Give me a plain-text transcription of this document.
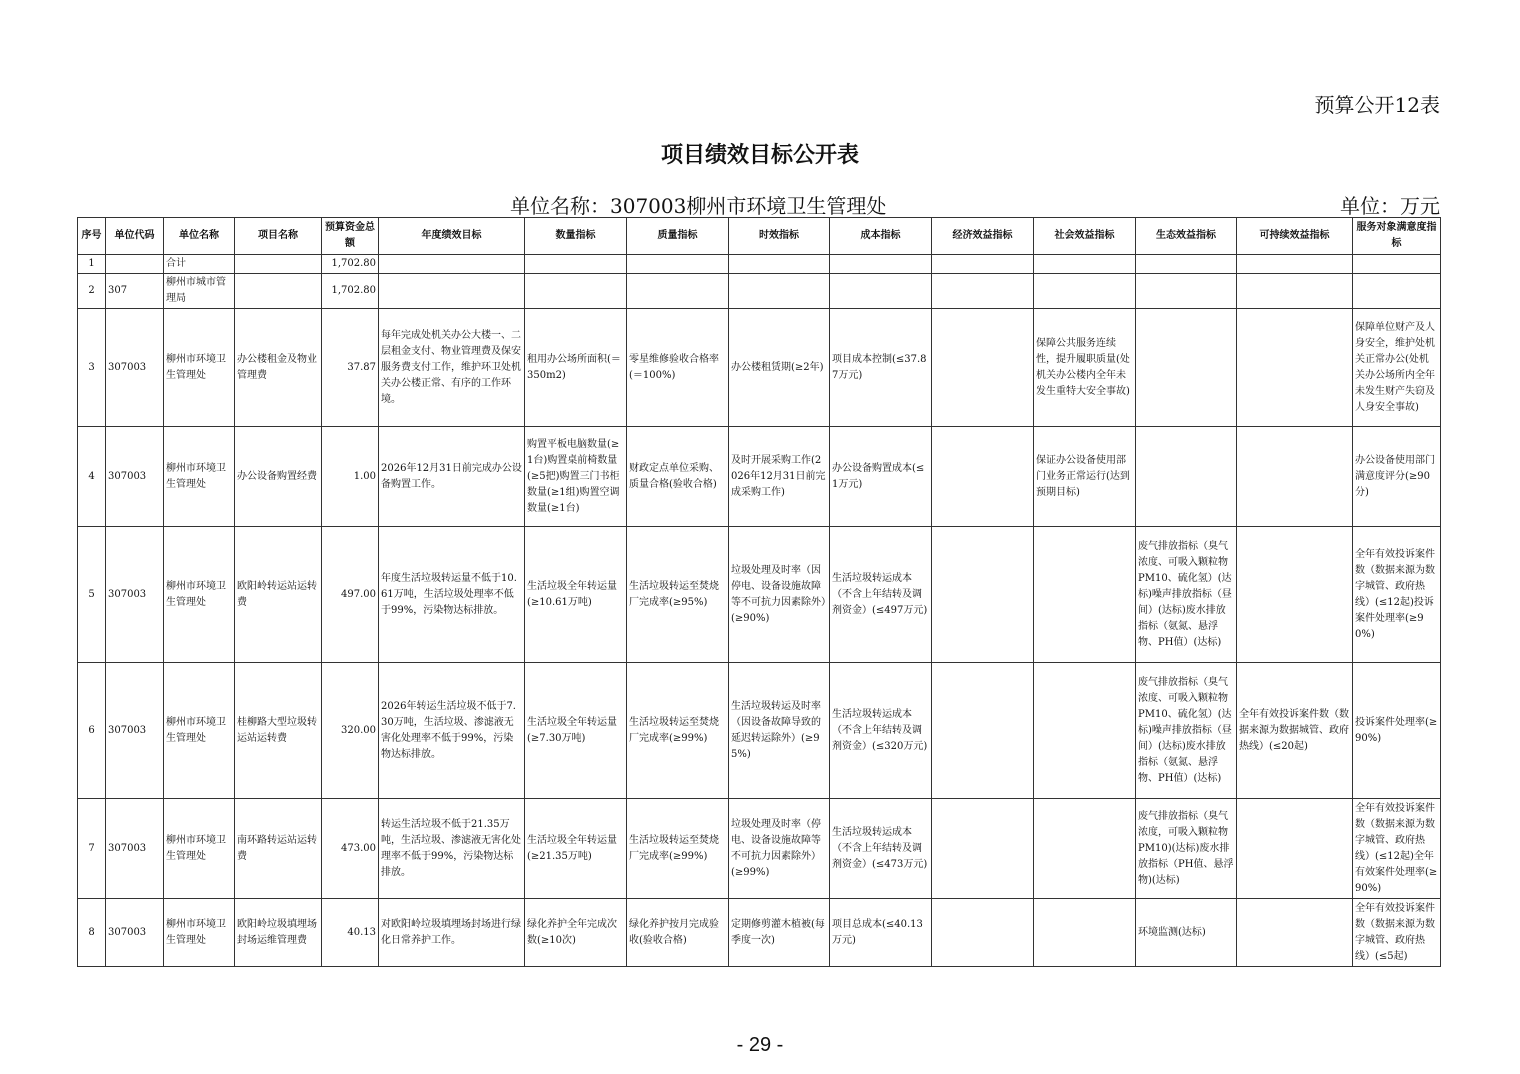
预算公开12表
项目绩效目标公开表
单位名称：307003柳州市环境卫生管理处	单位：万元
序号	单位代码	单位名称	项目名称	预算资金总额	年度绩效目标	数量指标	质量指标	时效指标	成本指标	经济效益指标	社会效益指标	生态效益指标	可持续效益指标	服务对象满意度指标
1		合计		1,702.80										
2	307	柳州市城市管理局		1,702.80										
3	307003	柳州市环境卫生管理处	办公楼租金及物业管理费	37.87	每年完成处机关办公大楼一、二层租金支付、物业管理费及保安服务费支付工作，维护环卫处机关办公楼正常、有序的工作环境。	租用办公场所面积(＝350m2)	零星维修验收合格率(＝100%)	办公楼租赁期(≥2年)	项目成本控制(≤37.87万元)		保障公共服务连续性，提升履职质量(处机关办公楼内全年未发生重特大安全事故)			保障单位财产及人身安全，维护处机关正常办公(处机关办公场所内全年未发生财产失窃及人身安全事故)
4	307003	柳州市环境卫生管理处	办公设备购置经费	1.00	2026年12月31日前完成办公设备购置工作。	购置平板电脑数量(≥1台)购置桌前椅数量(≥5把)购置三门书柜数量(≥1组)购置空调数量(≥1台)	财政定点单位采购、质量合格(验收合格)	及时开展采购工作(2026年12月31日前完成采购工作)	办公设备购置成本(≤1万元)		保证办公设备使用部门业务正常运行(达到预期目标)			办公设备使用部门满意度评分(≥90分)
5	307003	柳州市环境卫生管理处	欧阳岭转运站运转费	497.00	年度生活垃圾转运量不低于10.61万吨，生活垃圾处理率不低于99%，污染物达标排放。	生活垃圾全年转运量(≥10.61万吨)	生活垃圾转运至焚烧厂完成率(≥95%)	垃圾处理及时率（因停电、设备设施故障等不可抗力因素除外）(≥90%)	生活垃圾转运成本（不含上年结转及调剂资金）(≤497万元)			废气排放指标（臭气浓度、可吸入颗粒物PM10、硫化氢）(达标)噪声排放指标（昼间）(达标)废水排放指标（氨氮、悬浮物、PH值）(达标)		全年有效投诉案件数（数据来源为数字城管、政府热线）(≤12起)投诉案件处理率(≥90%)
6	307003	柳州市环境卫生管理处	桂柳路大型垃圾转运站运转费	320.00	2026年转运生活垃圾不低于7.30万吨，生活垃圾、渗滤液无害化处理率不低于99%，污染物达标排放。	生活垃圾全年转运量(≥7.30万吨)	生活垃圾转运至焚烧厂完成率(≥99%)	生活垃圾转运及时率（因设备故障导致的延迟转运除外）(≥95%)	生活垃圾转运成本（不含上年结转及调剂资金）(≤320万元)			废气排放指标（臭气浓度、可吸入颗粒物PM10、硫化氢）(达标)噪声排放指标（昼间）(达标)废水排放指标（氨氮、悬浮物、PH值）(达标)	全年有效投诉案件数（数据来源为数据城管、政府热线）(≤20起)	投诉案件处理率(≥90%)
7	307003	柳州市环境卫生管理处	南环路转运站运转费	473.00	转运生活垃圾不低于21.35万吨，生活垃圾、渗滤液无害化处理率不低于99%，污染物达标排放。	生活垃圾全年转运量(≥21.35万吨)	生活垃圾转运至焚烧厂完成率(≥99%)	垃圾处理及时率（停电、设备设施故障等不可抗力因素除外）(≥99%)	生活垃圾转运成本（不含上年结转及调剂资金）(≤473万元)			废气排放指标（臭气浓度，可吸入颗粒物PM10)(达标)废水排放指标（PH值、悬浮物)(达标)		全年有效投诉案件数（数据来源为数字城管、政府热线）(≤12起)全年有效案件处理率(≥90%)
8	307003	柳州市环境卫生管理处	欧阳岭垃圾填埋场封场运维管理费	40.13	对欧阳岭垃圾填埋场封场进行绿化日常养护工作。	绿化养护全年完成次数(≥10次)	绿化养护按月完成验收(验收合格)	定期修剪灌木植被(每季度一次)	项目总成本(≤40.13万元)			环境监测(达标)		全年有效投诉案件数（数据来源为数字城管、政府热线）(≤5起)
- 29 -
